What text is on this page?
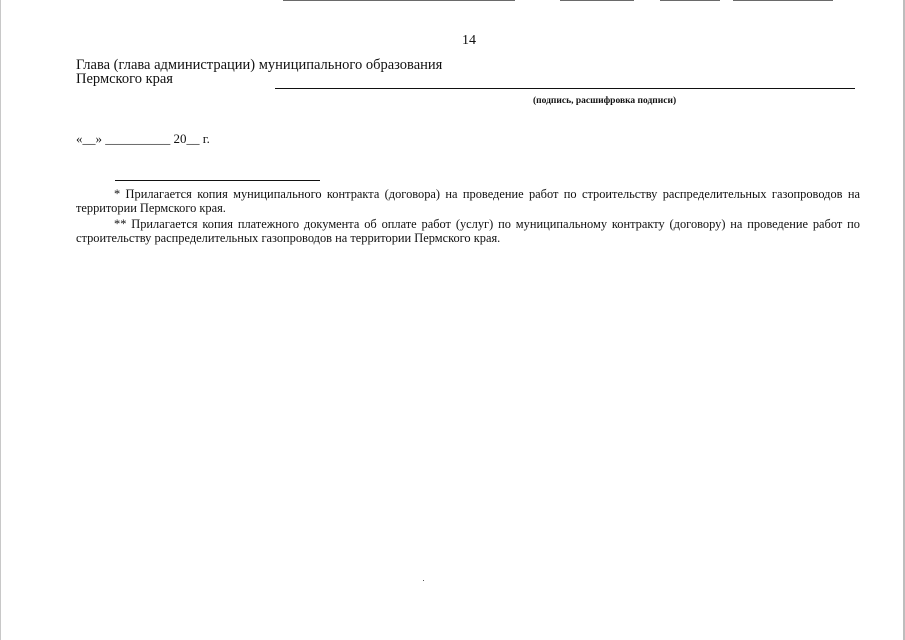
14
Глава (глава администрации) муниципального образования
Пермского края
(подпись, расшифровка подписи)
«__» __________ 20__ г.

* Прилагается копия муниципального контракта (договора) на проведение работ по строительству распределительных газопроводов на территории Пермского края.

** Прилагается копия платежного документа об оплате работ (услуг) по муниципальному контракту (договору) на проведение работ по строительству распределительных газопроводов на территории Пермского края.
